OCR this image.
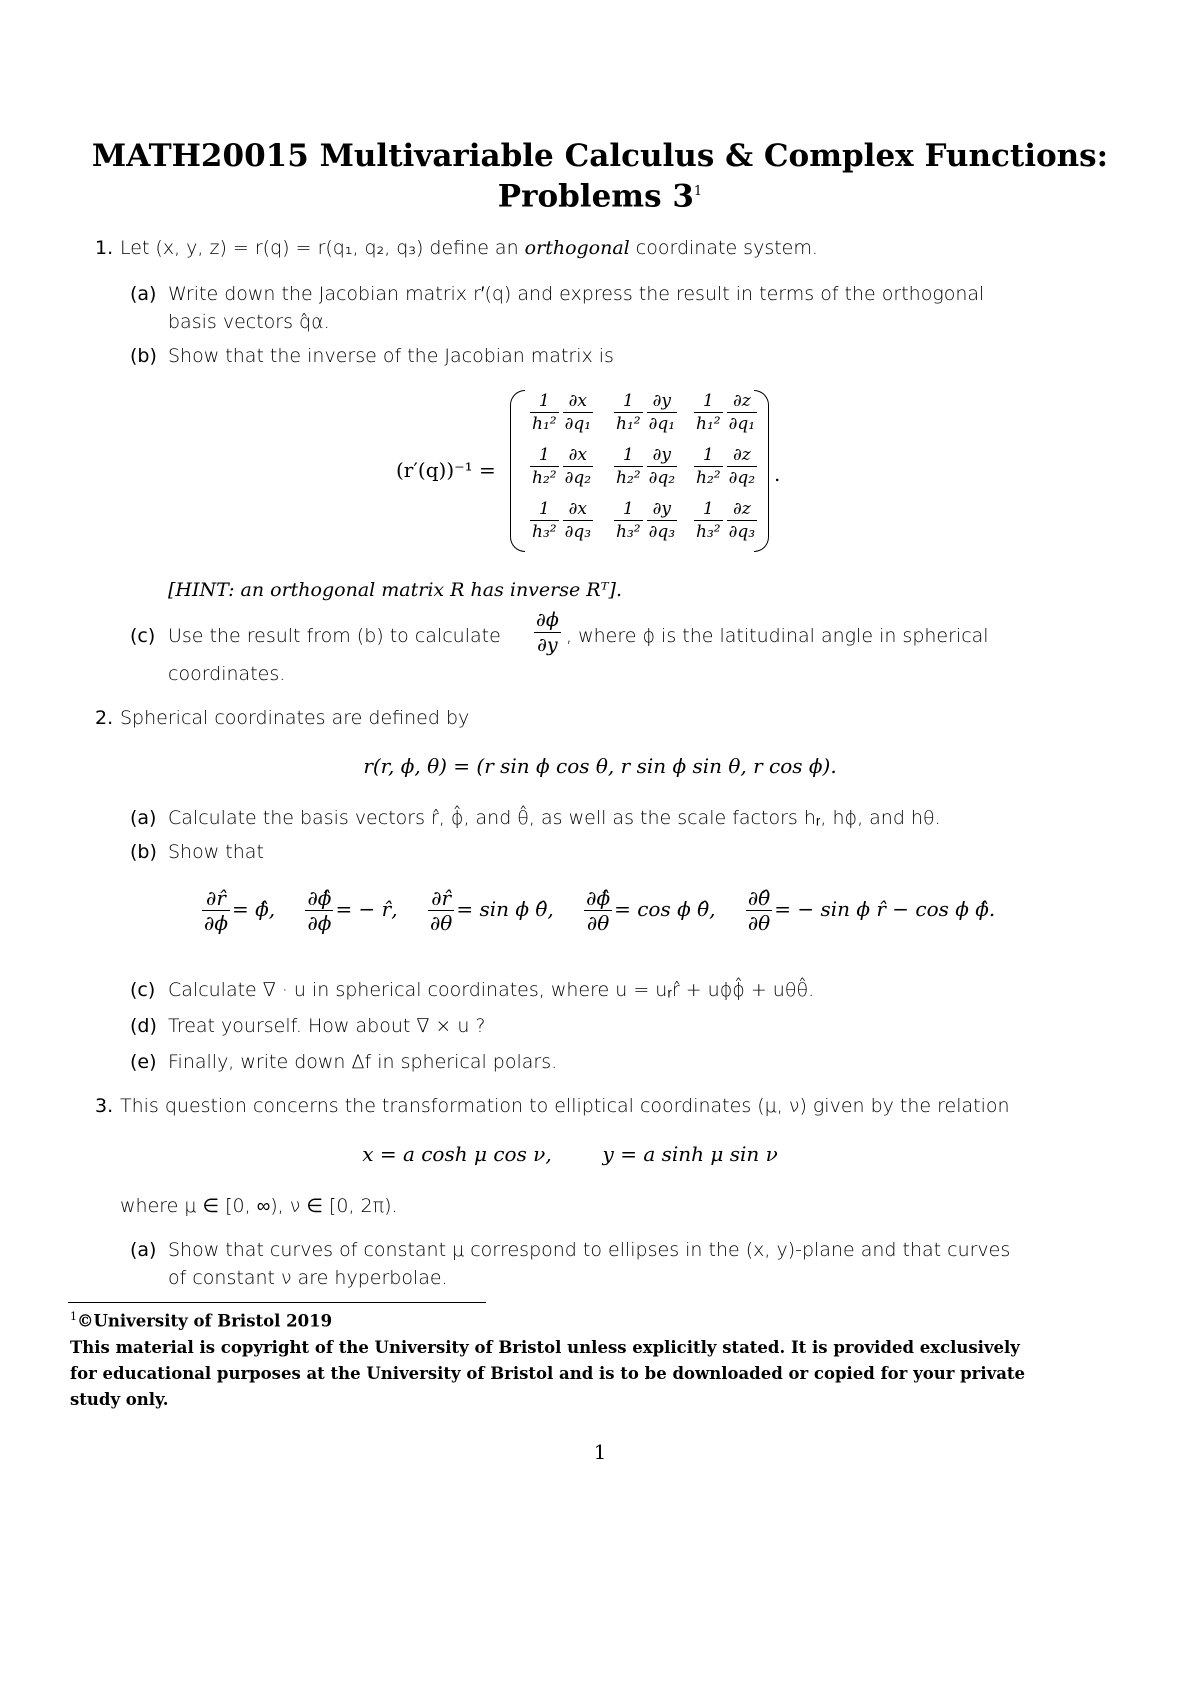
MATH20015 Multivariable Calculus & Complex Functions:
Problems $3^1$
1. Let (x, y, z) = r(q) = r(q₁, q₂, q₃) define an orthogonal coordinate system.
(a) Write down the Jacobian matrix r′(q) and express the result in terms of the orthogonal
basis vectors q̂α.
(b) Show that the inverse of the Jacobian matrix is
(r′(q))⁻¹ =
$\frac{1}{\text{h₁²}} \frac{\partial x}{\text{∂q₁}} \frac{1}{\text{h₁²}} \frac{\partial y}{\text{∂q₁}} \frac{1}{\text{h₁²}} \frac{\partial z}{\text{∂q₁}}$
$\frac{1}{\text{h₂²}} \frac{\partial x}{\text{∂q₂}} \frac{1}{\text{h₂²}} \frac{\partial y}{\text{∂q₂}} \frac{1}{\text{h₂²}} \frac{\partial z}{\text{∂q₂}}$
$\frac{1}{\text{h₃²}} \frac{\partial x}{\text{∂q₃}} \frac{1}{\text{h₃²}} \frac{\partial y}{\text{∂q₃}} \frac{1}{\text{h₃²}} \frac{\partial z}{\text{∂q₃}}$
.
[HINT: an orthogonal matrix R has inverse Rᵀ].
(c) Use the result from (b) to calculate $\frac{\partial\phi}{\partial y}$ , where ϕ is the latitudinal angle in spherical
coordinates.
2. Spherical coordinates are defined by
r(r, ϕ, θ) = (r sin ϕ cos θ, r sin ϕ sin θ, r cos ϕ).
(a) Calculate the basis vectors r̂, ϕ̂, and θ̂, as well as the scale factors hᵣ, hϕ, and hθ.
(b) Show that
$\frac{\partial r̂}{\partial\phi}$ = ϕ̂, $\frac{\partial\phî}{\partial\phi}$ = − r̂, $\frac{\partial r̂}{\partial\theta} = \sin \phi$ θ̂, $\frac{\partial\phî}{\partial\theta} = \cos \phi$ θ̂, $\frac{\partial\thetâ}{\partial\theta}$ = − sin ϕ r̂ − cos ϕ ϕ̂.
(c) Calculate ∇ · u in spherical coordinates, where u = uᵣr̂ + uϕϕ̂ + uθθ̂.
(d) Treat yourself. How about ∇ × u ?
(e) Finally, write down Δf in spherical polars.
3. This question concerns the transformation to elliptical coordinates (μ, ν) given by the relation
x = a cosh μ cos ν,        y = a sinh μ sin ν
where μ ∈ [0, ∞), ν ∈ [0, 2π).
(a) Show that curves of constant μ correspond to ellipses in the (x, y)-plane and that curves
of constant ν are hyperbolae.
$^1$©University of Bristol 2019
This material is copyright of the University of Bristol unless explicitly stated. It is provided exclusively for educational purposes at the University of Bristol and is to be downloaded or copied for your private study only.
1
